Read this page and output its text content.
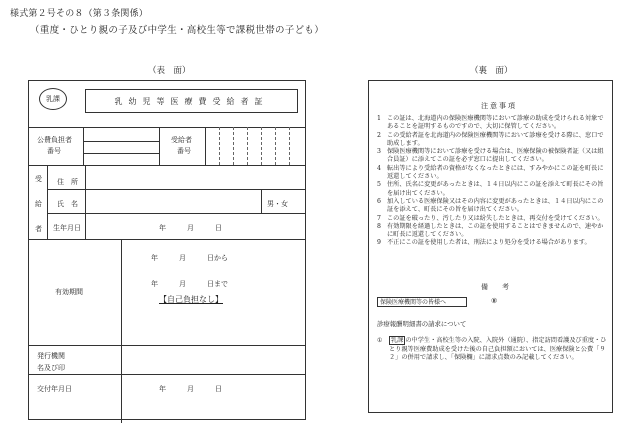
様式第２号その８（第３条関係）
（重度・ひとり親の子及び中学生・高校生等で課税世帯の子ども）
（表　面）	（裏　面）
乳課	乳幼児等医療費受給者証
公費負担者
番号
受給者
番号
受
給
者
住　所
氏　名	男・女
生年月日	年　　　月　　　日
有効期間
年　　　月　　　日から
年　　　月　　　日まで
【自己負担なし】
発行機関
名及び印
交付年月日	年　　　月　　　日
注意事項
1 この証は、北海道内の保険医療機関等において診療の助成を受けられる対象であることを証明するものですので、大切に保管してください。
2 この受給者証を北海道内の保険医療機関等において診療を受ける際に、窓口で助成します。
3 保険医療機関等において診療を受ける場合は、医療保険の被保険者証（又は組合員証）に添えてこの証を必ず窓口に提出してください。
4 転出等により受給者の資格がなくなったときには、すみやかにこの証を町長に返還してください。
5 住所、氏名に変更があったときは、１４日以内にこの証を添えて町長にその旨を届け出てください。
6 加入している医療保険又はその内容に変更があったときは、１４日以内にこの証を添えて、町長にその旨を届け出てください。
7 この証を破ったり、汚したり又は紛失したときは、再交付を受けてください。
8 有効期限を経過したときは、この証を使用することはできませんので、速やかに町長に返還してください。
9 不正にこの証を使用した者は、刑法により処分を受ける場合があります。
備　　考
保険医療機関等の皆様へ	⑧
診療報酬明細書の請求について
①	乳課 の中学生・高校生等の入院、入院外（通院）、指定訪問看護及び重度・ひとり親等医療費助成を受けた後の自己負担額においては、医療保険と公費「９２」の併用で請求し、「保険欄」に請求点数のみ記載してください。
